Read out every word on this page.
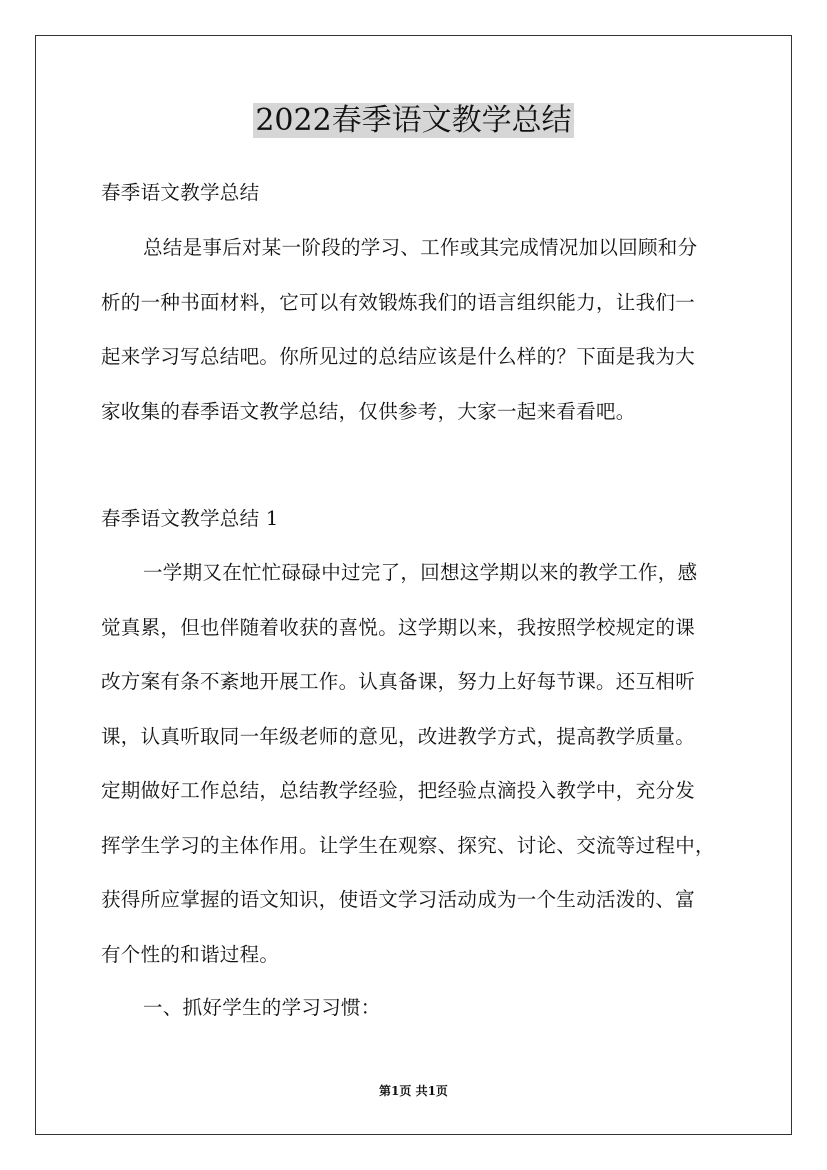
2022春季语文教学总结

春季语文教学总结

总结是事后对某一阶段的学习、工作或其完成情况加以回顾和分
析的一种书面材料，它可以有效锻炼我们的语言组织能力，让我们一
起来学习写总结吧。你所见过的总结应该是什么样的？下面是我为大
家收集的春季语文教学总结，仅供参考，大家一起来看看吧。

春季语文教学总结 1

一学期又在忙忙碌碌中过完了，回想这学期以来的教学工作，感
觉真累，但也伴随着收获的喜悦。这学期以来，我按照学校规定的课
改方案有条不紊地开展工作。认真备课，努力上好每节课。还互相听
课，认真听取同一年级老师的意见，改进教学方式，提高教学质量。
定期做好工作总结，总结教学经验，把经验点滴投入教学中，充分发
挥学生学习的主体作用。让学生在观察、探究、讨论、交流等过程中，
获得所应掌握的语文知识，使语文学习活动成为一个生动活泼的、富
有个性的和谐过程。

一、抓好学生的学习习惯：

第1页 共1页
